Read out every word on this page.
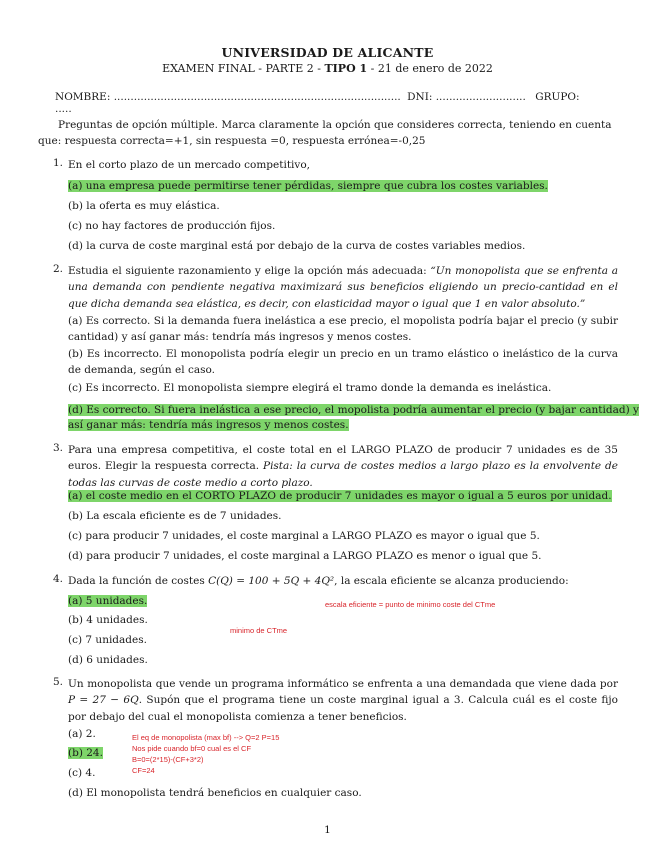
UNIVERSIDAD DE ALICANTE
EXAMEN FINAL - PARTE 2 - TIPO 1 - 21 de enero de 2022
NOMBRE: ...................................................................................... DNI: ........................... GRUPO: .....
Preguntas de opción múltiple. Marca claramente la opción que consideres correcta, teniendo en cuenta que: respuesta correcta=+1, sin respuesta =0, respuesta errónea=-0,25
1. En el corto plazo de un mercado competitivo,
(a) una empresa puede permitirse tener pérdidas, siempre que cubra los costes variables.
(b) la oferta es muy elástica.
(c) no hay factores de producción fijos.
(d) la curva de coste marginal está por debajo de la curva de costes variables medios.
2. Estudia el siguiente razonamiento y elige la opción más adecuada: “Un monopolista que se enfrenta a una demanda con pendiente negativa maximizará sus beneficios eligiendo un precio-cantidad en el que dicha demanda sea elástica, es decir, con elasticidad mayor o igual que 1 en valor absoluto.”
(a) Es correcto. Si la demanda fuera inelástica a ese precio, el mopolista podría bajar el precio (y subir cantidad) y así ganar más: tendría más ingresos y menos costes.
(b) Es incorrecto. El monopolista podría elegir un precio en un tramo elástico o inelástico de la curva de demanda, según el caso.
(c) Es incorrecto. El monopolista siempre elegirá el tramo donde la demanda es inelástica.
(d) Es correcto. Si fuera inelástica a ese precio, el mopolista podría aumentar el precio (y bajar cantidad) y
así ganar más: tendría más ingresos y menos costes.
3. Para una empresa competitiva, el coste total en el LARGO PLAZO de producir 7 unidades es de 35 euros. Elegir la respuesta correcta. Pista: la curva de costes medios a largo plazo es la envolvente de todas las curvas de coste medio a corto plazo.
(a) el coste medio en el CORTO PLAZO de producir 7 unidades es mayor o igual a 5 euros por unidad.
(b) La escala eficiente es de 7 unidades.
(c) para producir 7 unidades, el coste marginal a LARGO PLAZO es mayor o igual que 5.
(d) para producir 7 unidades, el coste marginal a LARGO PLAZO es menor o igual que 5.
4. Dada la función de costes C(Q) = 100 + 5Q + 4Q², la escala eficiente se alcanza produciendo:
(a) 5 unidades.
(b) 4 unidades.
(c) 7 unidades.
(d) 6 unidades.
escala eficiente = punto de minimo coste del CTme
minimo de CTme
5. Un monopolista que vende un programa informático se enfrenta a una demandada que viene dada por P = 27 − 6Q. Supón que el programa tiene un coste marginal igual a 3. Calcula cuál es el coste fijo por debajo del cual el monopolista comienza a tener beneficios.
(a) 2.
(b) 24.
(c) 4.
(d) El monopolista tendrá beneficios en cualquier caso.
El eq de monopolista (max bf) --> Q=2 P=15
Nos pide cuando bf=0 cual es el CF
B=0=(2*15)-(CF+3*2)
CF=24
1
